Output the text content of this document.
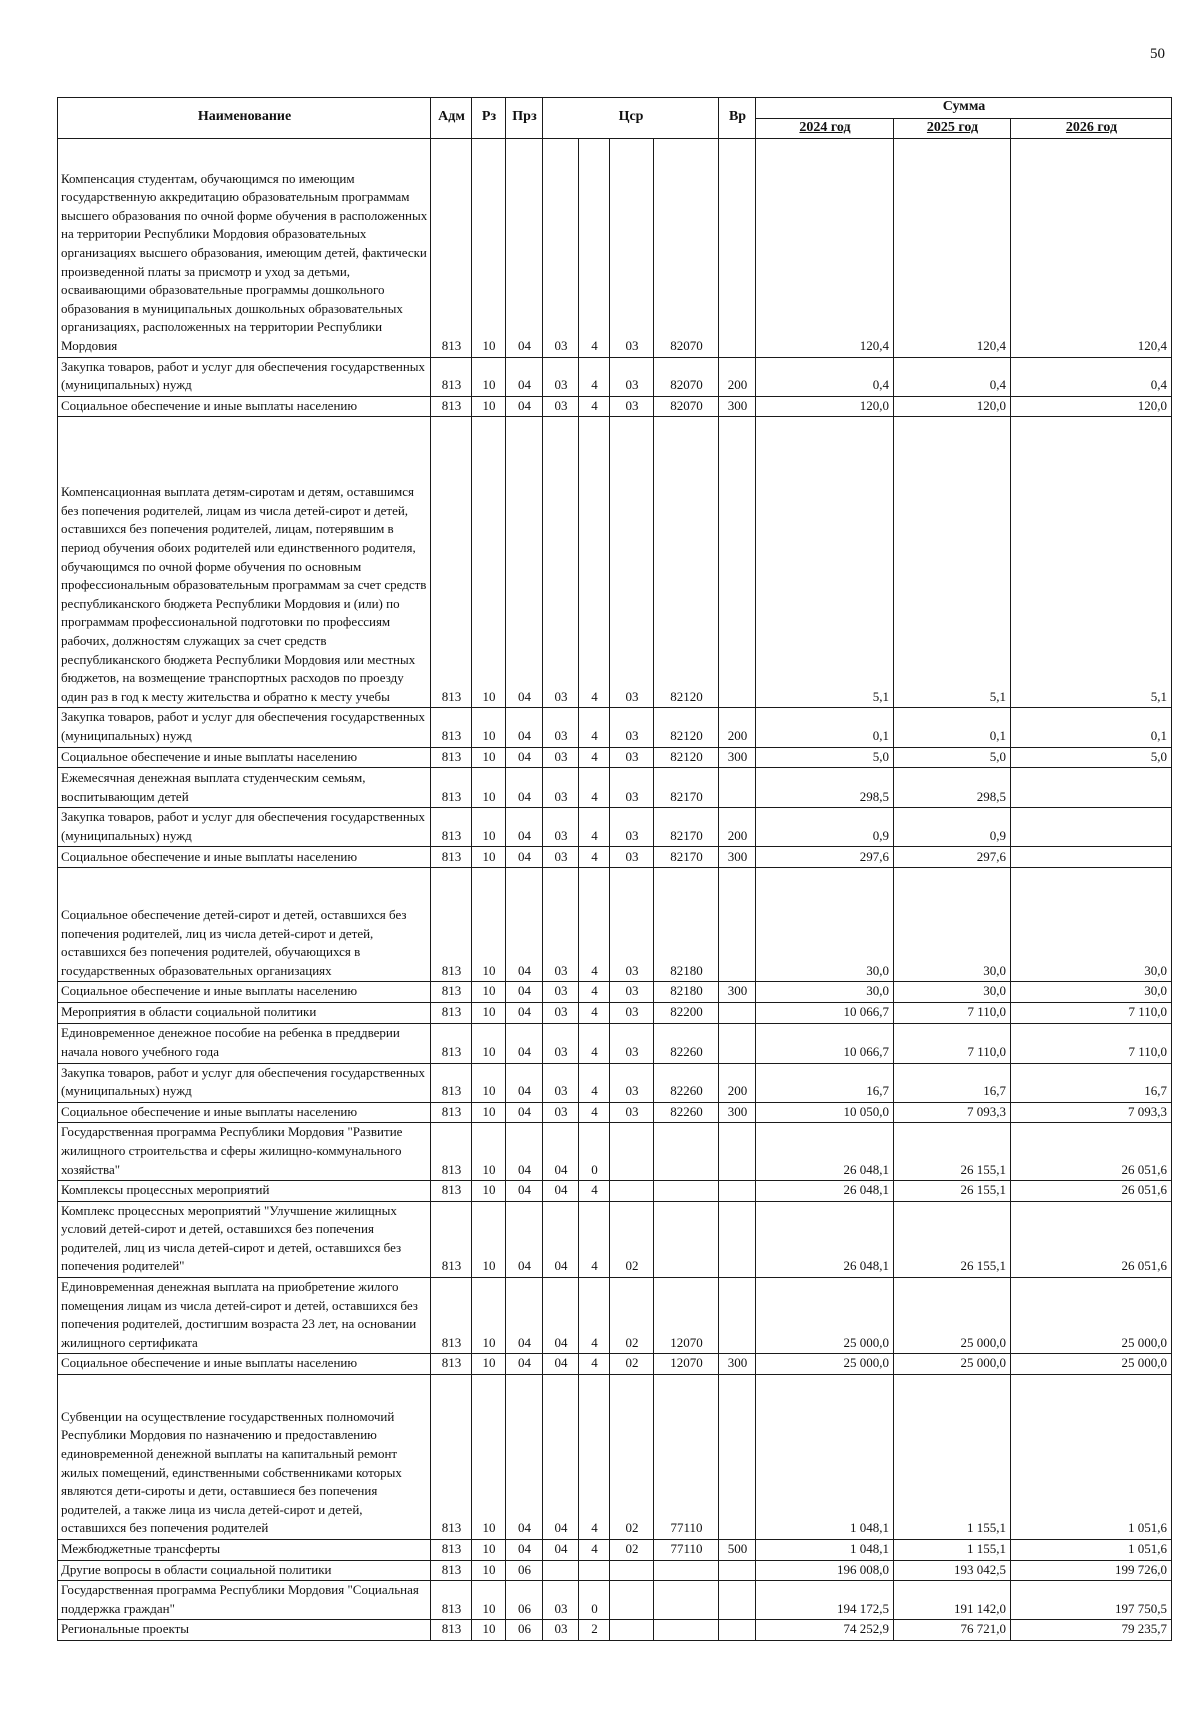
50
Наименование	Адм	Рз	Прз	Цср				Вр	Сумма		
									2024 год	2025 год	2026 год
Компенсация студентам, обучающимся по имеющим государственную аккредитацию образовательным программам высшего образования по очной форме обучения в расположенных на территории Республики Мордовия образовательных организациях высшего образования, имеющим детей, фактически произведенной платы за присмотр и уход за детьми, осваивающими образовательные программы дошкольного образования в муниципальных дошкольных образовательных организациях, расположенных на территории Республики Мордовия	813	10	04	03	4	03	82070		120,4	120,4	120,4
Закупка товаров, работ и услуг для обеспечения государственных (муниципальных) нужд	813	10	04	03	4	03	82070	200	0,4	0,4	0,4
Социальное обеспечение и иные выплаты населению	813	10	04	03	4	03	82070	300	120,0	120,0	120,0
Компенсационная выплата детям-сиротам и детям, оставшимся без попечения родителей, лицам из числа детей-сирот и детей, оставшихся без попечения родителей, лицам, потерявшим в период обучения обоих родителей или единственного родителя, обучающимся по очной форме обучения по основным профессиональным образовательным программам за счет средств республиканского бюджета Республики Мордовия и (или) по программам профессиональной подготовки по профессиям рабочих, должностям служащих за счет средств республиканского бюджета Республики Мордовия или местных бюджетов, на возмещение транспортных расходов по проезду один раз в год к месту жительства и обратно к месту учебы	813	10	04	03	4	03	82120		5,1	5,1	5,1
Закупка товаров, работ и услуг для обеспечения государственных (муниципальных) нужд	813	10	04	03	4	03	82120	200	0,1	0,1	0,1
Социальное обеспечение и иные выплаты населению	813	10	04	03	4	03	82120	300	5,0	5,0	5,0
Ежемесячная денежная выплата студенческим семьям, воспитывающим детей	813	10	04	03	4	03	82170		298,5	298,5	
Закупка товаров, работ и услуг для обеспечения государственных (муниципальных) нужд	813	10	04	03	4	03	82170	200	0,9	0,9	
Социальное обеспечение и иные выплаты населению	813	10	04	03	4	03	82170	300	297,6	297,6	
Социальное обеспечение детей-сирот и детей, оставшихся без попечения родителей, лиц из числа детей-сирот и детей, оставшихся без попечения родителей, обучающихся в государственных образовательных организациях	813	10	04	03	4	03	82180		30,0	30,0	30,0
Социальное обеспечение и иные выплаты населению	813	10	04	03	4	03	82180	300	30,0	30,0	30,0
Мероприятия в области социальной политики	813	10	04	03	4	03	82200		10 066,7	7 110,0	7 110,0
Единовременное денежное пособие на ребенка в преддверии начала нового учебного года	813	10	04	03	4	03	82260		10 066,7	7 110,0	7 110,0
Закупка товаров, работ и услуг для обеспечения государственных (муниципальных) нужд	813	10	04	03	4	03	82260	200	16,7	16,7	16,7
Социальное обеспечение и иные выплаты населению	813	10	04	03	4	03	82260	300	10 050,0	7 093,3	7 093,3
Государственная программа Республики Мордовия "Развитие жилищного строительства и сферы жилищно-коммунального хозяйства"	813	10	04	04	0				26 048,1	26 155,1	26 051,6
Комплексы процессных мероприятий	813	10	04	04	4				26 048,1	26 155,1	26 051,6
Комплекс процессных мероприятий "Улучшение жилищных условий детей-сирот и детей, оставшихся без попечения родителей, лиц из числа детей-сирот и детей, оставшихся без попечения родителей"	813	10	04	04	4	02			26 048,1	26 155,1	26 051,6
Единовременная денежная выплата на приобретение жилого помещения лицам из числа детей-сирот и детей, оставшихся без попечения родителей, достигшим возраста 23 лет, на основании жилищного сертификата	813	10	04	04	4	02	12070		25 000,0	25 000,0	25 000,0
Социальное обеспечение и иные выплаты населению	813	10	04	04	4	02	12070	300	25 000,0	25 000,0	25 000,0
Субвенции на осуществление государственных полномочий Республики Мордовия по назначению и предоставлению единовременной денежной выплаты на капитальный ремонт жилых помещений, единственными собственниками которых являются дети-сироты и дети, оставшиеся без попечения родителей, а также лица из числа детей-сирот и детей, оставшихся без попечения родителей	813	10	04	04	4	02	77110		1 048,1	1 155,1	1 051,6
Межбюджетные трансферты	813	10	04	04	4	02	77110	500	1 048,1	1 155,1	1 051,6
Другие вопросы в области социальной политики	813	10	06						196 008,0	193 042,5	199 726,0
Государственная программа Республики Мордовия "Социальная поддержка граждан"	813	10	06	03	0				194 172,5	191 142,0	197 750,5
Региональные проекты	813	10	06	03	2				74 252,9	76 721,0	79 235,7
